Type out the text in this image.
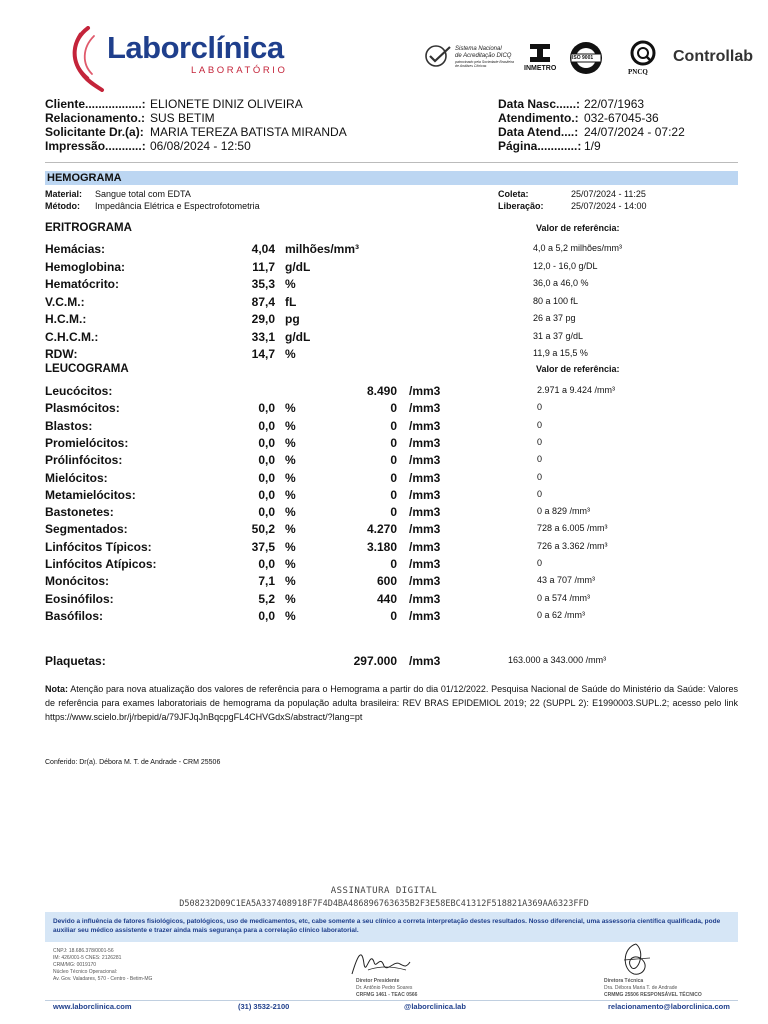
Laborclínica
LABORATÓRIO
Sistema Nacional
de Acreditação DICQ
patrocinado pela Sociedade Brasileira de Análises Clínicas	INMETRO
ISO 9001
PNCQ
Controllab
Cliente.................: ELIONETE DINIZ OLIVEIRA
Relacionamento.: SUS BETIM
Solicitante Dr.(a): MARIA TEREZA BATISTA MIRANDA
Impressão...........: 06/08/2024 - 12:50
Data Nasc......: 22/07/1963
Atendimento.: 032-67045-36
Data Atend....: 24/07/2024 - 07:22
Página............: 1/9
HEMOGRAMA
Material: Sangue total com EDTA
Método: Impedância Elétrica e Espectrofotometria
Coleta:	25/07/2024 - 11:25
Liberação:	25/07/2024 - 14:00
ERITROGRAMA	Valor de referência:
Hemácias:	4,04 milhões/mm³	4,0 a 5,2 milhões/mm³
Hemoglobina:	11,7 g/dL	12,0 - 16,0 g/DL
Hematócrito:	35,3 %	36,0 a 46,0 %
V.C.M.:	87,4 fL	80 a 100 fL
H.C.M.:	29,0 pg	26 a 37 pg
C.H.C.M.:	33,1 g/dL	31 a 37 g/dL
RDW:	14,7 %	11,9 a 15,5 %
LEUCOGRAMA	Valor de referência:
Leucócitos:	8.490 /mm3	2.971 a 9.424 /mm³
Plasmócitos:	0,0 %	0 /mm3	0
Blastos:	0,0 %	0 /mm3	0
Promielócitos:	0,0 %	0 /mm3	0
Prólinfócitos:	0,0 %	0 /mm3	0
Mielócitos:	0,0 %	0 /mm3	0
Metamielócitos:	0,0 %	0 /mm3	0
Bastonetes:	0,0 %	0 /mm3	0 a 829 /mm³
Segmentados:	50,2 %	4.270 /mm3	728 a 6.005 /mm³
Linfócitos Típicos:	37,5 %	3.180 /mm3	726 a 3.362 /mm³
Linfócitos Atípicos:	0,0 %	0 /mm3	0
Monócitos:	7,1 %	600 /mm3	43 a 707 /mm³
Eosinófilos:	5,2 %	440 /mm3	0 a 574 /mm³
Basófilos:	0,0 %	0 /mm3	0 a 62 /mm³
Plaquetas:	297.000 /mm3	163.000 a 343.000 /mm³
Nota: Atenção para nova atualização dos valores de referência para o Hemograma a partir do dia 01/12/2022. Pesquisa Nacional de Saúde do Ministério da Saúde: Valores de referência para exames laboratoriais de hemograma da população adulta brasileira: REV BRAS EPIDEMIOL 2019; 22 (SUPPL 2): E1990003.SUPL.2; acesso pelo link https://www.scielo.br/j/rbepid/a/79JFJqJnBqcpgFL4CHVGdxS/abstract/?lang=pt
Conferido: Dr(a). Débora M. T. de Andrade - CRM 25506
ASSINATURA DIGITAL
D508232D09C1EA5A337408918F7F4D4BA486896763635B2F3E58EBC41312F518821A369AA6323FFD
Devido a influência de fatores fisiológicos, patológicos, uso de medicamentos, etc, cabe somente a seu clínico a correta interpretação destes resultados. Nosso diferencial, uma assessoria científica qualificada, pode auxiliar seu médico assistente e trazer ainda mais segurança para a correlação clínico laboratorial.
CNPJ: 18.686.378/0001-56
IM: 426/001-5 CNES: 2126281
CRM/MG: 0019170
Núcleo Técnico Operacional:
Av. Gov. Valadares, 570 - Centro - Betim-MG	Diretor Presidente
Dr. Antônio Pedro Soares
CRFMG 1461 - TEAC 0566
Diretora Técnica
Dra. Débora Maria T. de Andrade
CRMMG 25506 RESPONSÁVEL TÉCNICO
www.laborclinica.com	(31) 3532-2100	@laborclinica.lab	relacionamento@laborclinica.com
